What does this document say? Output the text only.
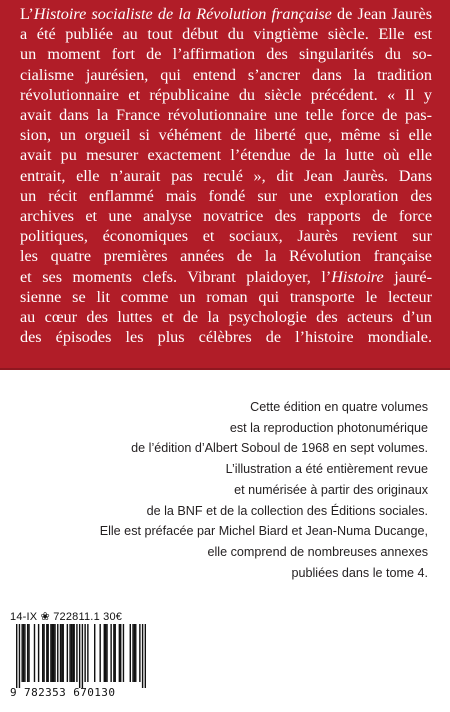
L’Histoire socialiste de la Révolution française de Jean Jaurès
a été publiée au tout début du vingtième siècle. Elle est
un moment fort de l’affirmation des singularités du so-
cialisme jaurésien, qui entend s’ancrer dans la tradition
révolutionnaire et républicaine du siècle précédent. « Il y
avait dans la France révolutionnaire une telle force de pas-
sion, un orgueil si véhément de liberté que, même si elle
avait pu mesurer exactement l’étendue de la lutte où elle
entrait, elle n’aurait pas reculé », dit Jean Jaurès. Dans
un récit enflammé mais fondé sur une exploration des
archives et une analyse novatrice des rapports de force
politiques, économiques et sociaux, Jaurès revient sur
les quatre premières années de la Révolution française
et ses moments clefs. Vibrant plaidoyer, l’Histoire jauré-
sienne se lit comme un roman qui transporte le lecteur
au cœur des luttes et de la psychologie des acteurs d’un
des épisodes les plus célèbres de l’histoire mondiale.
Cette édition en quatre volumes
est la reproduction photonumérique
de l’édition d’Albert Soboul de 1968 en sept volumes.
L’illustration a été entièrement revue
et numérisée à partir des originaux
de la BNF et de la collection des Éditions sociales.
Elle est préfacée par Michel Biard et Jean-Numa Ducange,
elle comprend de nombreuses annexes
publiées dans le tome 4.
14-IX ❀ 722811.1 30€
9 782353 670130
